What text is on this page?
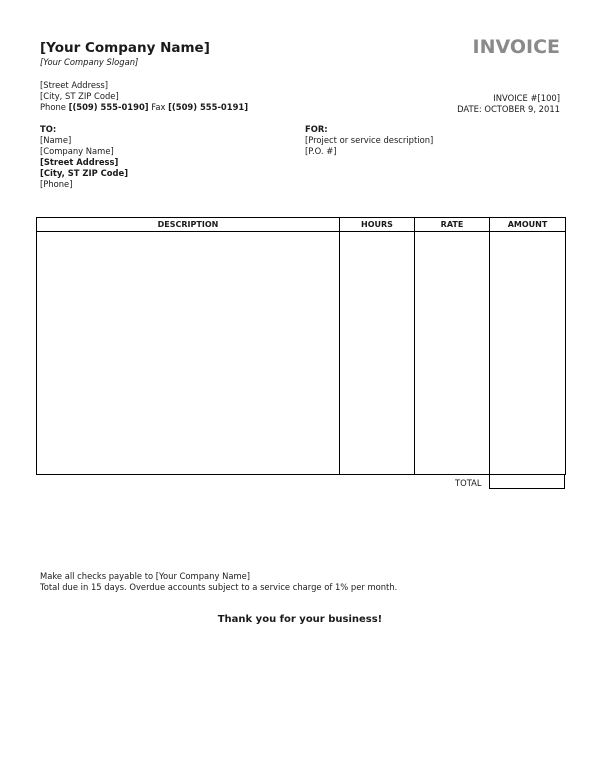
[Your Company Name]
[Your Company Slogan]
INVOICE
[Street Address]
[City, ST ZIP Code]
Phone [(509) 555-0190] Fax [(509) 555-0191]
INVOICE #[100]
DATE: OCTOBER 9, 2011
TO:
[Name]
[Company Name]
[Street Address]
[City, ST ZIP Code]
[Phone]
FOR:
[Project or service description]
[P.O. #]
DESCRIPTION	HOURS	RATE	AMOUNT

TOTAL
Make all checks payable to [Your Company Name]
Total due in 15 days. Overdue accounts subject to a service charge of 1% per month.
Thank you for your business!
